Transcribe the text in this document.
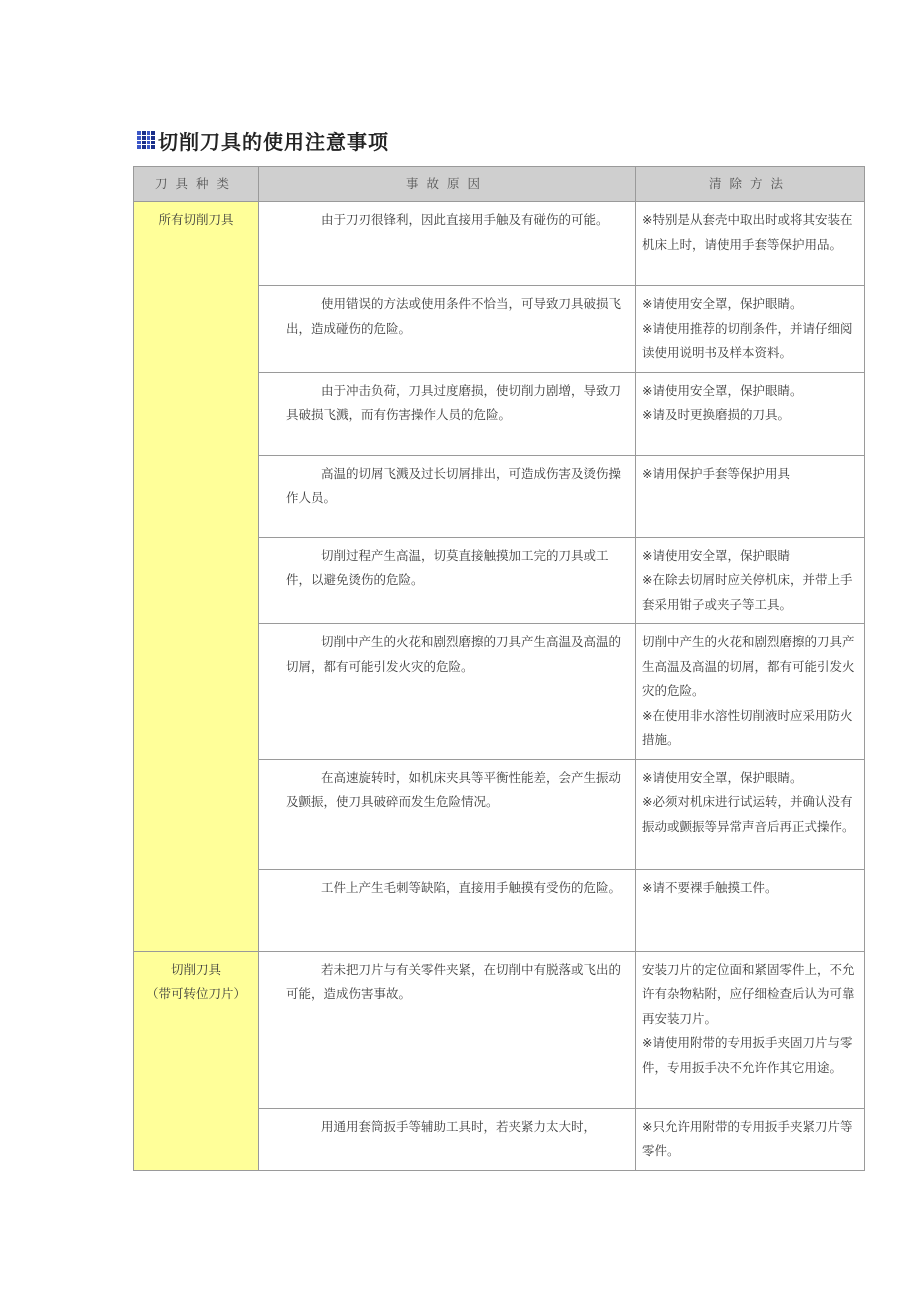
切削刀具的使用注意事项
刀具种类	事故原因	清除方法

所有切削刀具	由于刀刃很锋利，因此直接用手触及有碰伤的可能。	※特别是从套壳中取出时或将其安装在机床上时，请使用手套等保护用品。

	使用错误的方法或使用条件不恰当，可导致刀具破损飞出，造成碰伤的危险。	※请使用安全罩，保护眼睛。
※请使用推荐的切削条件，并请仔细阅读使用说明书及样本资料。

	由于冲击负荷，刀具过度磨损，使切削力剧增，导致刀具破损飞溅，而有伤害操作人员的危险。	※请使用安全罩，保护眼睛。
※请及时更换磨损的刀具。

	高温的切屑飞溅及过长切屑排出，可造成伤害及烫伤操作人员。	※请用保护手套等保护用具

	切削过程产生高温，切莫直接触摸加工完的刀具或工件，以避免烫伤的危险。	※请使用安全罩，保护眼睛
※在除去切屑时应关停机床，并带上手套采用钳子或夹子等工具。

	切削中产生的火花和剧烈磨擦的刀具产生高温及高温的切屑，都有可能引发火灾的危险。	切削中产生的火花和剧烈磨擦的刀具产生高温及高温的切屑，都有可能引发火灾的危险。
※在使用非水溶性切削液时应采用防火措施。

	在高速旋转时，如机床夹具等平衡性能差，会产生振动及颤振，使刀具破碎而发生危险情况。	※请使用安全罩，保护眼睛。
※必须对机床进行试运转，并确认没有振动或颤振等异常声音后再正式操作。

	工件上产生毛刺等缺陷，直接用手触摸有受伤的危险。	※请不要裸手触摸工件。

切削刀具
（带可转位刀片）	若未把刀片与有关零件夹紧，在切削中有脱落或飞出的可能，造成伤害事故。	安装刀片的定位面和紧固零件上，不允许有杂物粘附，应仔细检查后认为可靠再安装刀片。
※请使用附带的专用扳手夹固刀片与零件，专用扳手决不允许作其它用途。

	用通用套筒扳手等辅助工具时，若夹紧力太大时，	※只允许用附带的专用扳手夹紧刀片等零件。
